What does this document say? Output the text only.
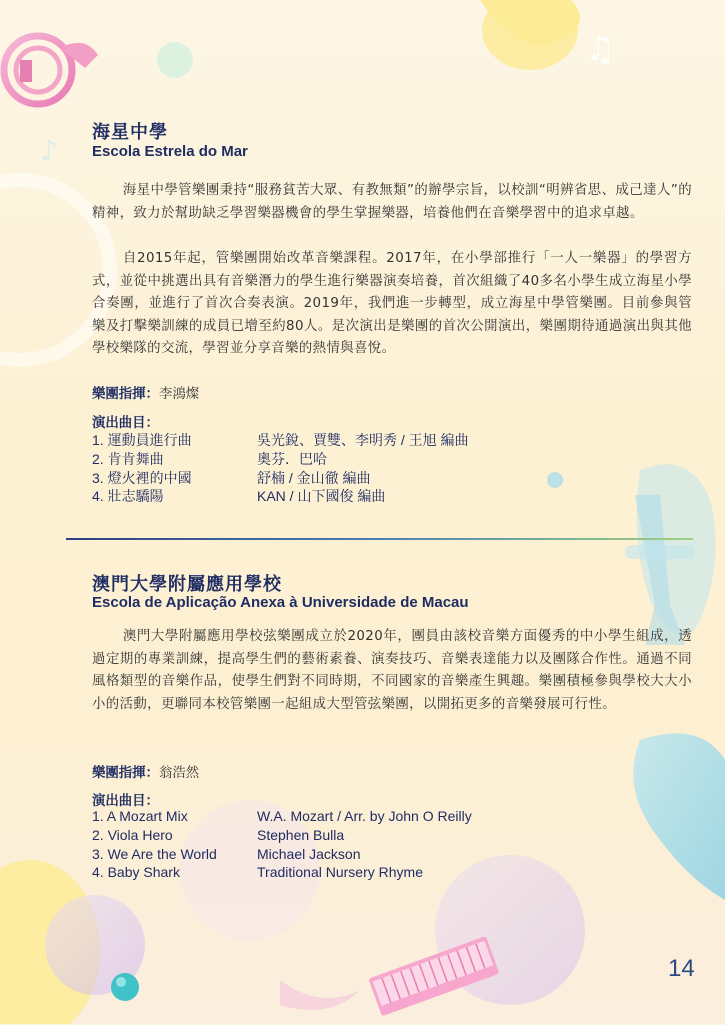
♫
♪
海星中學
Escola Estrela do Mar
海星中學管樂團秉持“服務貧苦大眾、有教無類”的辦學宗旨，以校訓“明辨省思、成己達人”的精神，致力於幫助缺乏學習樂器機會的學生掌握樂器，培養他們在音樂學習中的追求卓越。
自2015年起，管樂團開始改革音樂課程。2017年，在小學部推行「一人一樂器」的學習方式，並從中挑選出具有音樂潛力的學生進行樂器演奏培養，首次組織了40多名小學生成立海星小學合奏團，並進行了首次合奏表演。2019年，我們進一步轉型，成立海星中學管樂團。目前參與管樂及打擊樂訓練的成員已增至約80人。是次演出是樂團的首次公開演出，樂團期待通過演出與其他學校樂隊的交流，學習並分享音樂的熱情與喜悅。
樂團指揮：李鴻燦
演出曲目：
1. 運動員進行曲	吳光銳、賈雙、李明秀 / 王旭 編曲
2. 肯肯舞曲	奧芬．巴哈
3. 燈火裡的中國	舒楠 / 金山徹 編曲
4. 壯志驕陽	KAN / 山下國俊 編曲
澳門大學附屬應用學校
Escola de Aplicação Anexa à Universidade de Macau
澳門大學附屬應用學校弦樂團成立於2020年，團員由該校音樂方面優秀的中小學生組成，透過定期的專業訓練，提高學生們的藝術素養、演奏技巧、音樂表達能力以及團隊合作性。通過不同風格類型的音樂作品，使學生們對不同時期，不同國家的音樂產生興趣。樂團積極參與學校大大小小的活動，更聯同本校管樂團一起組成大型管弦樂團，以開拓更多的音樂發展可行性。
樂團指揮：翁浩然
演出曲目：
1. A Mozart Mix	W.A. Mozart / Arr. by John O Reilly
2. Viola Hero	Stephen Bulla
3. We Are the World	Michael Jackson
4. Baby Shark	Traditional Nursery Rhyme
14
